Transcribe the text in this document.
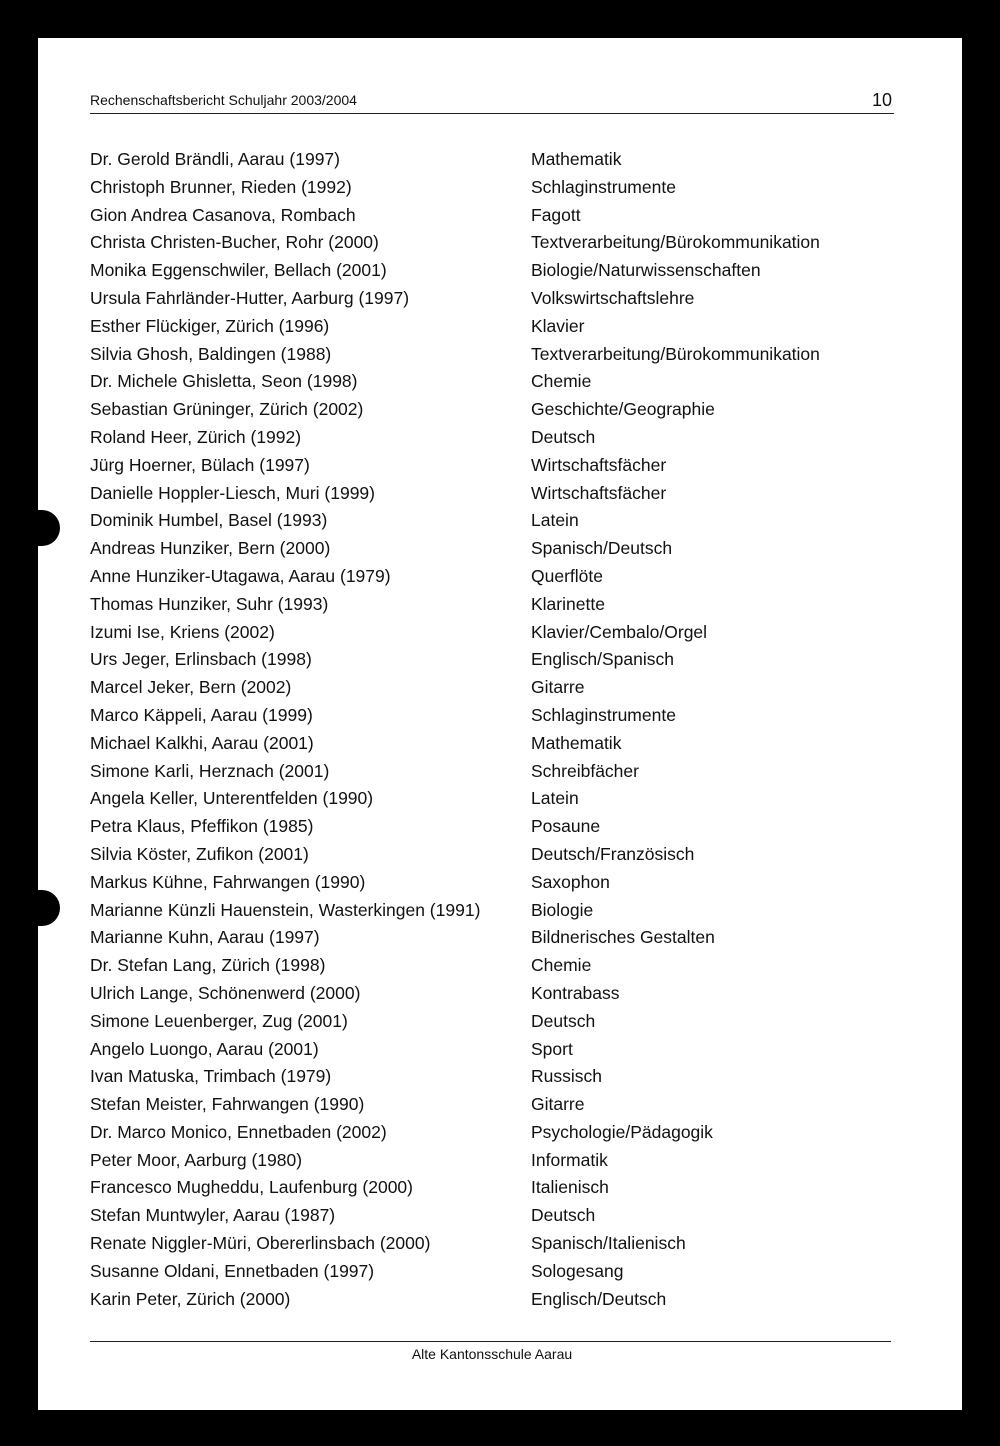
Rechenschaftsbericht Schuljahr 2003/2004	10
Dr. Gerold Brändli, Aarau (1997)	Mathematik
Christoph Brunner, Rieden (1992)	Schlaginstrumente
Gion Andrea Casanova, Rombach	Fagott
Christa Christen-Bucher, Rohr (2000)	Textverarbeitung/Bürokommunikation
Monika Eggenschwiler, Bellach (2001)	Biologie/Naturwissenschaften
Ursula Fahrländer-Hutter, Aarburg (1997)	Volkswirtschaftslehre
Esther Flückiger, Zürich (1996)	Klavier
Silvia Ghosh, Baldingen (1988)	Textverarbeitung/Bürokommunikation
Dr. Michele Ghisletta, Seon (1998)	Chemie
Sebastian Grüninger, Zürich (2002)	Geschichte/Geographie
Roland Heer, Zürich (1992)	Deutsch
Jürg Hoerner, Bülach (1997)	Wirtschaftsfächer
Danielle Hoppler-Liesch, Muri (1999)	Wirtschaftsfächer
Dominik Humbel, Basel (1993)	Latein
Andreas Hunziker, Bern (2000)	Spanisch/Deutsch
Anne Hunziker-Utagawa, Aarau (1979)	Querflöte
Thomas Hunziker, Suhr (1993)	Klarinette
Izumi Ise, Kriens (2002)	Klavier/Cembalo/Orgel
Urs Jeger, Erlinsbach (1998)	Englisch/Spanisch
Marcel Jeker, Bern (2002)	Gitarre
Marco Käppeli, Aarau (1999)	Schlaginstrumente
Michael Kalkhi, Aarau (2001)	Mathematik
Simone Karli, Herznach (2001)	Schreibfächer
Angela Keller, Unterentfelden (1990)	Latein
Petra Klaus, Pfeffikon (1985)	Posaune
Silvia Köster, Zufikon (2001)	Deutsch/Französisch
Markus Kühne, Fahrwangen (1990)	Saxophon
Marianne Künzli Hauenstein, Wasterkingen (1991)	Biologie
Marianne Kuhn, Aarau (1997)	Bildnerisches Gestalten
Dr. Stefan Lang, Zürich (1998)	Chemie
Ulrich Lange, Schönenwerd (2000)	Kontrabass
Simone Leuenberger, Zug (2001)	Deutsch
Angelo Luongo, Aarau (2001)	Sport
Ivan Matuska, Trimbach (1979)	Russisch
Stefan Meister, Fahrwangen (1990)	Gitarre
Dr. Marco Monico, Ennetbaden (2002)	Psychologie/Pädagogik
Peter Moor, Aarburg (1980)	Informatik
Francesco Mugheddu, Laufenburg (2000)	Italienisch
Stefan Muntwyler, Aarau (1987)	Deutsch
Renate Niggler-Müri, Obererlinsbach (2000)	Spanisch/Italienisch
Susanne Oldani, Ennetbaden (1997)	Sologesang
Karin Peter, Zürich (2000)	Englisch/Deutsch
Alte Kantonsschule Aarau
